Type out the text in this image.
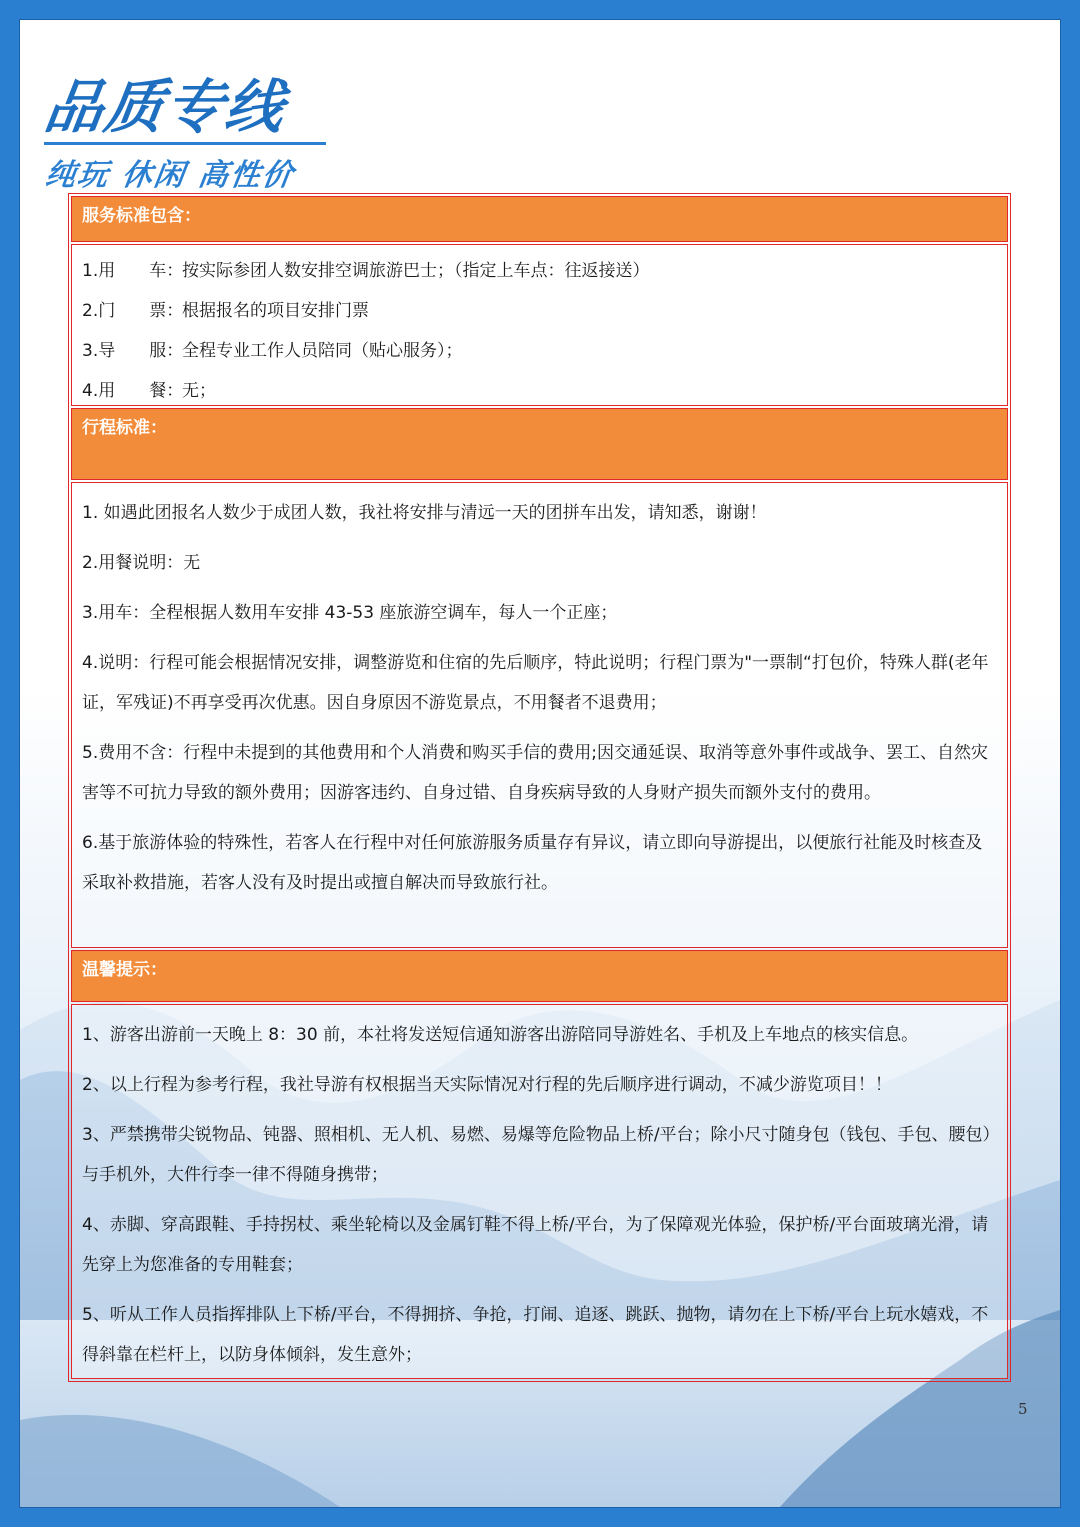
品质专线
纯玩 休闲 高性价
服务标准包含：
1.用　　车：按实际参团人数安排空调旅游巴士；（指定上车点：往返接送）
2.门　　票：根据报名的项目安排门票
3.导　　服：全程专业工作人员陪同（贴心服务）；
4.用　　餐：无；
行程标准：
1. 如遇此团报名人数少于成团人数，我社将安排与清远一天的团拼车出发，请知悉，谢谢！
2.用餐说明：无
3.用车：全程根据人数用车安排 43-53 座旅游空调车，每人一个正座；
4.说明：行程可能会根据情况安排，调整游览和住宿的先后顺序，特此说明；行程门票为"一票制“打包价，特殊人群(老年证，军残证)不再享受再次优惠。因自身原因不游览景点，不用餐者不退费用；
5.费用不含：行程中未提到的其他费用和个人消费和购买手信的费用;因交通延误、取消等意外事件或战争、罢工、自然灾害等不可抗力导致的额外费用；因游客违约、自身过错、自身疾病导致的人身财产损失而额外支付的费用。
6.基于旅游体验的特殊性，若客人在行程中对任何旅游服务质量存有异议，请立即向导游提出，以便旅行社能及时核查及采取补救措施，若客人没有及时提出或擅自解决而导致旅行社。
温馨提示：
1、游客出游前一天晚上 8：30 前，本社将发送短信通知游客出游陪同导游姓名、手机及上车地点的核实信息。
2、以上行程为参考行程，我社导游有权根据当天实际情况对行程的先后顺序进行调动，不减少游览项目！！
3、严禁携带尖锐物品、钝器、照相机、无人机、易燃、易爆等危险物品上桥/平台；除小尺寸随身包（钱包、手包、腰包）与手机外，大件行李一律不得随身携带；
4、赤脚、穿高跟鞋、手持拐杖、乘坐轮椅以及金属钉鞋不得上桥/平台，为了保障观光体验，保护桥/平台面玻璃光滑，请先穿上为您准备的专用鞋套；
5、听从工作人员指挥排队上下桥/平台，不得拥挤、争抢，打闹、追逐、跳跃、抛物，请勿在上下桥/平台上玩水嬉戏，不得斜靠在栏杆上，以防身体倾斜，发生意外；
5
